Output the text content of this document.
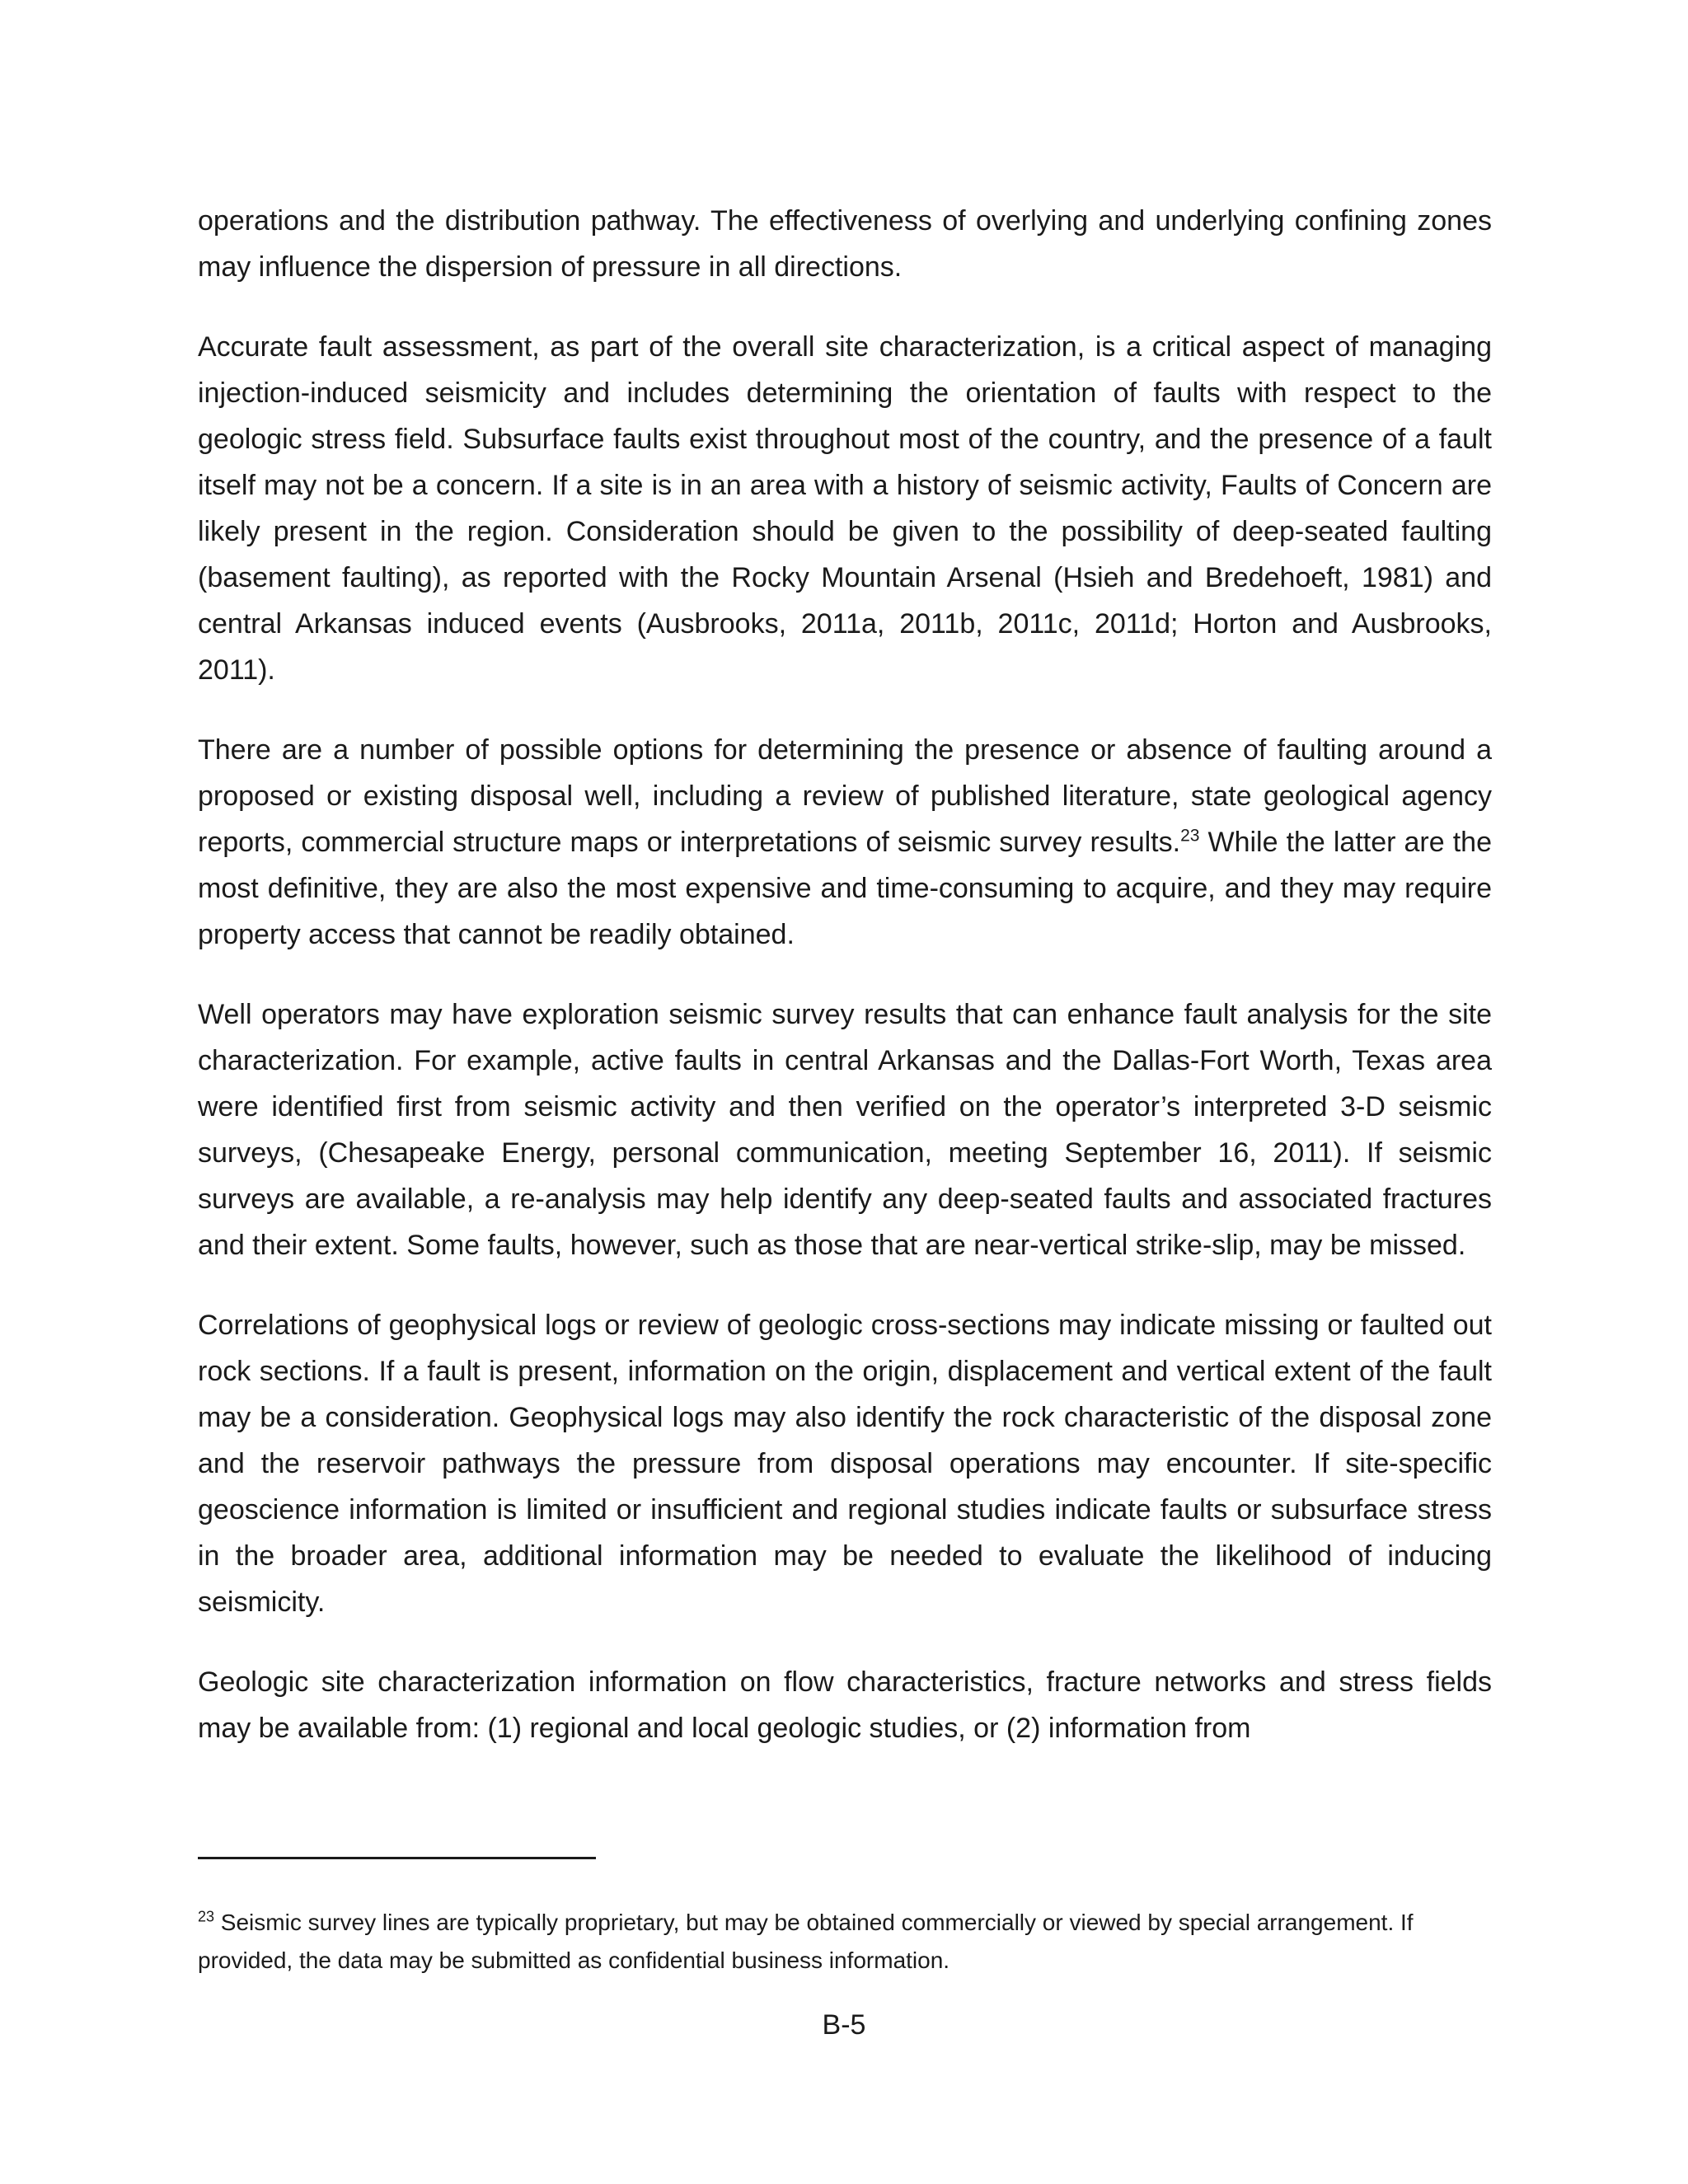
operations and the distribution pathway. The effectiveness of overlying and underlying confining zones may influence the dispersion of pressure in all directions.

Accurate fault assessment, as part of the overall site characterization, is a critical aspect of managing injection-induced seismicity and includes determining the orientation of faults with respect to the geologic stress field. Subsurface faults exist throughout most of the country, and the presence of a fault itself may not be a concern. If a site is in an area with a history of seismic activity, Faults of Concern are likely present in the region. Consideration should be given to the possibility of deep-seated faulting (basement faulting), as reported with the Rocky Mountain Arsenal (Hsieh and Bredehoeft, 1981) and central Arkansas induced events (Ausbrooks, 2011a, 2011b, 2011c, 2011d; Horton and Ausbrooks, 2011).

There are a number of possible options for determining the presence or absence of faulting around a proposed or existing disposal well, including a review of published literature, state geological agency reports, commercial structure maps or interpretations of seismic survey results.$^{23}$ While the latter are the most definitive, they are also the most expensive and time-consuming to acquire, and they may require property access that cannot be readily obtained.

Well operators may have exploration seismic survey results that can enhance fault analysis for the site characterization. For example, active faults in central Arkansas and the Dallas-Fort Worth, Texas area were identified first from seismic activity and then verified on the operator’s interpreted 3-D seismic surveys, (Chesapeake Energy, personal communication, meeting September 16, 2011). If seismic surveys are available, a re-analysis may help identify any deep-seated faults and associated fractures and their extent. Some faults, however, such as those that are near-vertical strike-slip, may be missed.

Correlations of geophysical logs or review of geologic cross-sections may indicate missing or faulted out rock sections. If a fault is present, information on the origin, displacement and vertical extent of the fault may be a consideration. Geophysical logs may also identify the rock characteristic of the disposal zone and the reservoir pathways the pressure from disposal operations may encounter. If site-specific geoscience information is limited or insufficient and regional studies indicate faults or subsurface stress in the broader area, additional information may be needed to evaluate the likelihood of inducing seismicity.

Geologic site characterization information on flow characteristics, fracture networks and stress fields may be available from: (1) regional and local geologic studies, or (2) information from

$^{23}$ Seismic survey lines are typically proprietary, but may be obtained commercially or viewed by special arrangement. If provided, the data may be submitted as confidential business information.
B-5
